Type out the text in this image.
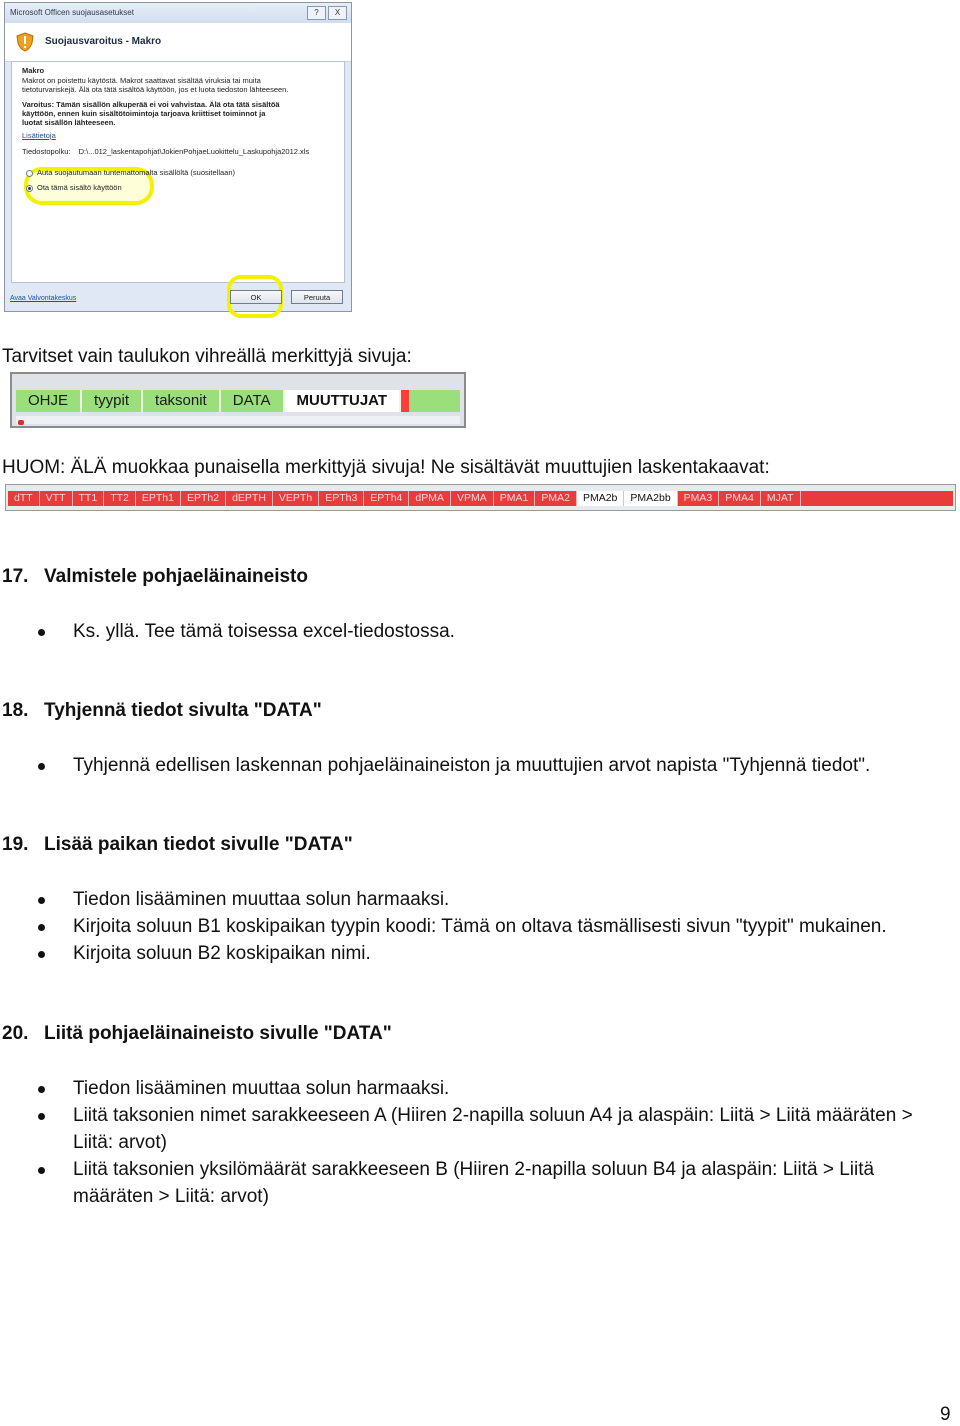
Microsoft Officen suojausasetukset	?	X
Suojausvaroitus - Makro
Makro
Makrot on poistettu käytöstä. Makrot saattavat sisältää viruksia tai muita
tietoturvariskejä. Älä ota tätä sisältöä käyttöön, jos et luota tiedoston lähteeseen.
Varoitus: Tämän sisällön alkuperää ei voi vahvistaa. Älä ota tätä sisältöä
käyttöön, ennen kuin sisältötoimintoja tarjoava kriittiset toiminnot ja
luotat sisällön lähteeseen.
Lisätietoja
Tiedostopolku: D:\...012_laskentapohjat\JokienPohjaeLuokittelu_Laskupohja2012.xls
Auta suojautumaan tuntemattomalta sisällöltä (suositellaan)
Ota tämä sisältö käyttöön
Avaa Valvontakeskus	OK	Peruuta
Tarvitset vain taulukon vihreällä merkittyjä sivuja:
OHJE	tyypit	taksonit	DATA	MUUTTUJAT
HUOM: ÄLÄ muokkaa punaisella merkittyjä sivuja! Ne sisältävät muuttujien laskentakaavat:
dTT	VTT	TT1	TT2	EPTh1	EPTh2	dEPTH	VEPTh	EPTh3	EPTh4	dPMA	VPMA	PMA1	PMA2	PMA2b	PMA2bb	PMA3	PMA4	MJAT
17. Valmistele pohjaeläinaineisto
Ks. yllä. Tee tämä toisessa excel-tiedostossa.
18. Tyhjennä tiedot sivulta "DATA"
Tyhjennä edellisen laskennan pohjaeläinaineiston ja muuttujien arvot napista "Tyhjennä tiedot".
19. Lisää paikan tiedot sivulle "DATA"
Tiedon lisääminen muuttaa solun harmaaksi.
Kirjoita soluun B1 koskipaikan tyypin koodi: Tämä on oltava täsmällisesti sivun "tyypit" mukainen.
Kirjoita soluun B2 koskipaikan nimi.
20. Liitä pohjaeläinaineisto sivulle "DATA"
Tiedon lisääminen muuttaa solun harmaaksi.
Liitä taksonien nimet sarakkeeseen A (Hiiren 2-napilla soluun A4 ja alaspäin: Liitä > Liitä määräten > Liitä: arvot)
Liitä taksonien yksilömäärät sarakkeeseen B (Hiiren 2-napilla soluun B4 ja alaspäin: Liitä > Liitä määräten > Liitä: arvot)
9
